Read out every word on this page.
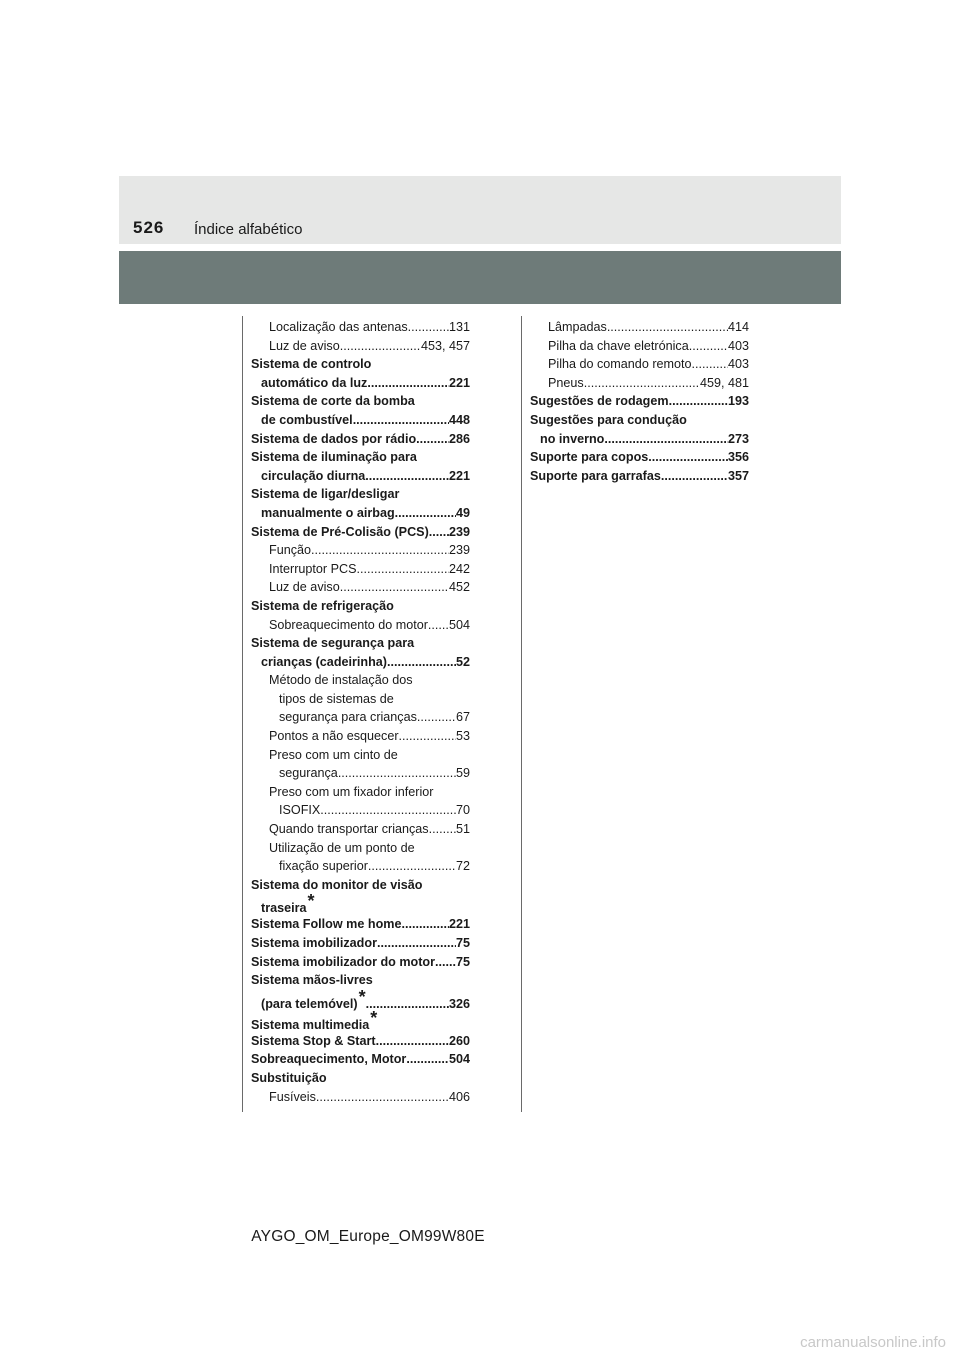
526 Índice alfabético
Localização das antenas .....	131
Luz de aviso .....	453, 457
Sistema de controlo
automático da luz .....	221
Sistema de corte da bomba
de combustível .....	448
Sistema de dados por rádio .....	286
Sistema de iluminação para
circulação diurna .....	221
Sistema de ligar/desligar
manualmente o airbag .....	49
Sistema de Pré-Colisão (PCS) ..... 239
Função .....	239
Interruptor PCS .....	242
Luz de aviso .....	452
Sistema de refrigeração
Sobreaquecimento do motor ..... 504
Sistema de segurança para
crianças (cadeirinha) .....	52
Método de instalação dos
tipos de sistemas de
segurança para crianças .....	67
Pontos a não esquecer .....	53
Preso com um cinto de
segurança .....	59
Preso com um fixador inferior
ISOFIX .....	70
Quando transportar crianças ..... 51
Utilização de um ponto de
fixação superior .....	72
Sistema do monitor de visão
traseira *
Sistema Follow me home .....	221
Sistema imobilizador .....	75
Sistema imobilizador do motor ..... 75
Sistema mãos-livres
(para telemóvel) * .....	326
Sistema multimedia *
Sistema Stop & Start .....	260
Sobreaquecimento, Motor .....	504
Substituição
Fusíveis .....	406
Lâmpadas .....	414
Pilha da chave eletrónica .....	403
Pilha do comando remoto .....	403
Pneus .....	459, 481
Sugestões de rodagem .....	193
Sugestões para condução
no inverno .....	273
Suporte para copos .....	356
Suporte para garrafas .....	357
AYGO_OM_Europe_OM99W80E
carmanualsonline.info
